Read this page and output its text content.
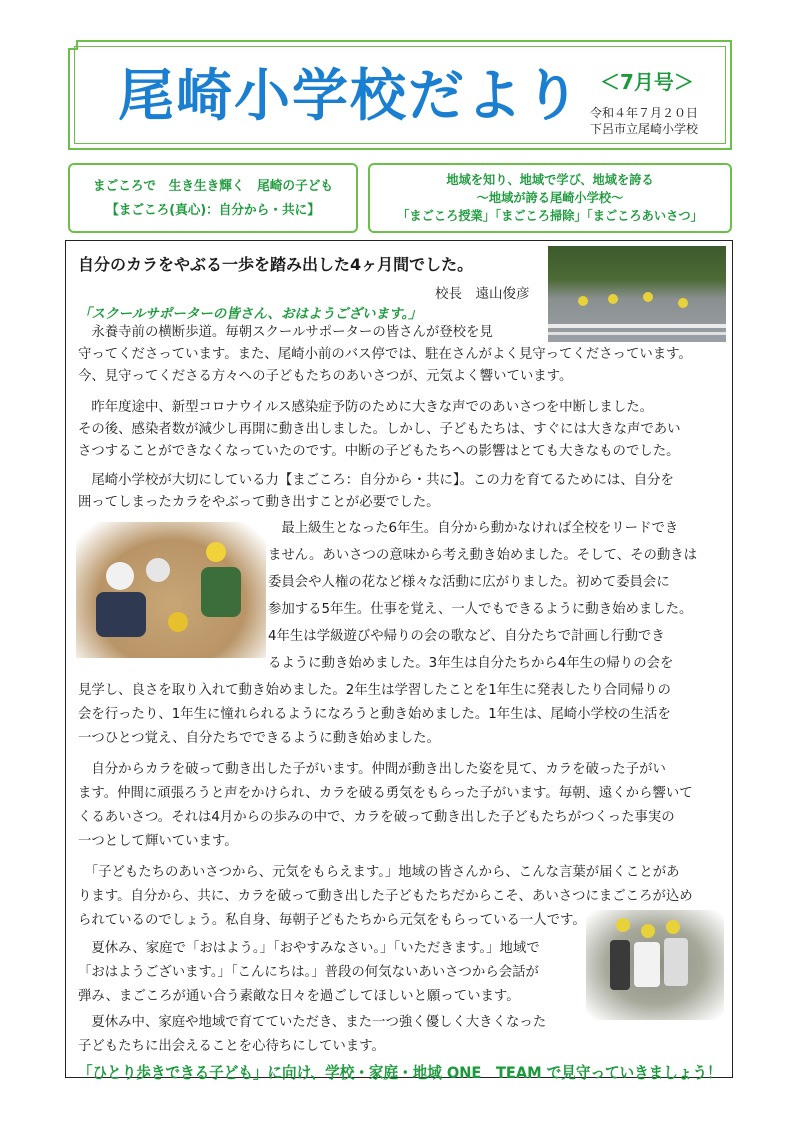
尾崎小学校だより ＜7月号＞
令和４年７月２０日
下呂市立尾崎小学校
まごころで　生き生き輝く　尾崎の子ども
【まごころ(真心)：自分から・共に】
地域を知り、地域で学び、地域を誇る
～地域が誇る尾崎小学校～
「まごころ授業」「まごころ掃除」「まごころあいさつ」
自分のカラをやぶる一歩を踏み出した4ヶ月間でした。
校長　遠山俊彦
「スクールサポーターの皆さん、おはようございます。」
　永養寺前の横断歩道。毎朝スクールサポーターの皆さんが登校を見
守ってくださっています。また、尾崎小前のバス停では、駐在さんがよく見守ってくださっています。
今、見守ってくださる方々への子どもたちのあいさつが、元気よく響いています。
　昨年度途中、新型コロナウイルス感染症予防のために大きな声でのあいさつを中断しました。
その後、感染者数が減少し再開に動き出しました。しかし、子どもたちは、すぐには大きな声であい
さつすることができなくなっていたのです。中断の子どもたちへの影響はとても大きなものでした。
　尾崎小学校が大切にしている力【まごころ：自分から・共に】。この力を育てるためには、自分を
囲ってしまったカラをやぶって動き出すことが必要でした。
　最上級生となった6年生。自分から動かなければ全校をリードでき
ません。あいさつの意味から考え動き始めました。そして、その動きは
委員会や人権の花など様々な活動に広がりました。初めて委員会に
参加する5年生。仕事を覚え、一人でもできるように動き始めました。
4年生は学級遊びや帰りの会の歌など、自分たちで計画し行動でき
るように動き始めました。3年生は自分たちから4年生の帰りの会を
見学し、良さを取り入れて動き始めました。2年生は学習したことを1年生に発表したり合同帰りの
会を行ったり、1年生に憧れられるようになろうと動き始めました。1年生は、尾崎小学校の生活を
一つひとつ覚え、自分たちでできるように動き始めました。
　自分からカラを破って動き出した子がいます。仲間が動き出した姿を見て、カラを破った子がい
ます。仲間に頑張ろうと声をかけられ、カラを破る勇気をもらった子がいます。毎朝、遠くから響いて
くるあいさつ。それは4月からの歩みの中で、カラを破って動き出した子どもたちがつくった事実の
一つとして輝いています。
　「子どもたちのあいさつから、元気をもらえます。」地域の皆さんから、こんな言葉が届くことがあ
ります。自分から、共に、カラを破って動き出した子どもたちだからこそ、あいさつにまごころが込め
られているのでしょう。私自身、毎朝子どもたちから元気をもらっている一人です。
　夏休み、家庭で「おはよう。」「おやすみなさい。」「いただきます。」地域で
「おはようございます。」「こんにちは。」普段の何気ないあいさつから会話が
弾み、まごころが通い合う素敵な日々を過ごしてほしいと願っています。
　夏休み中、家庭や地域で育てていただき、また一つ強く優しく大きくなった
子どもたちに出会えることを心待ちにしています。
「ひとり歩きできる子ども」に向け、学校・家庭・地域 ONE　TEAM で見守っていきましょう！
